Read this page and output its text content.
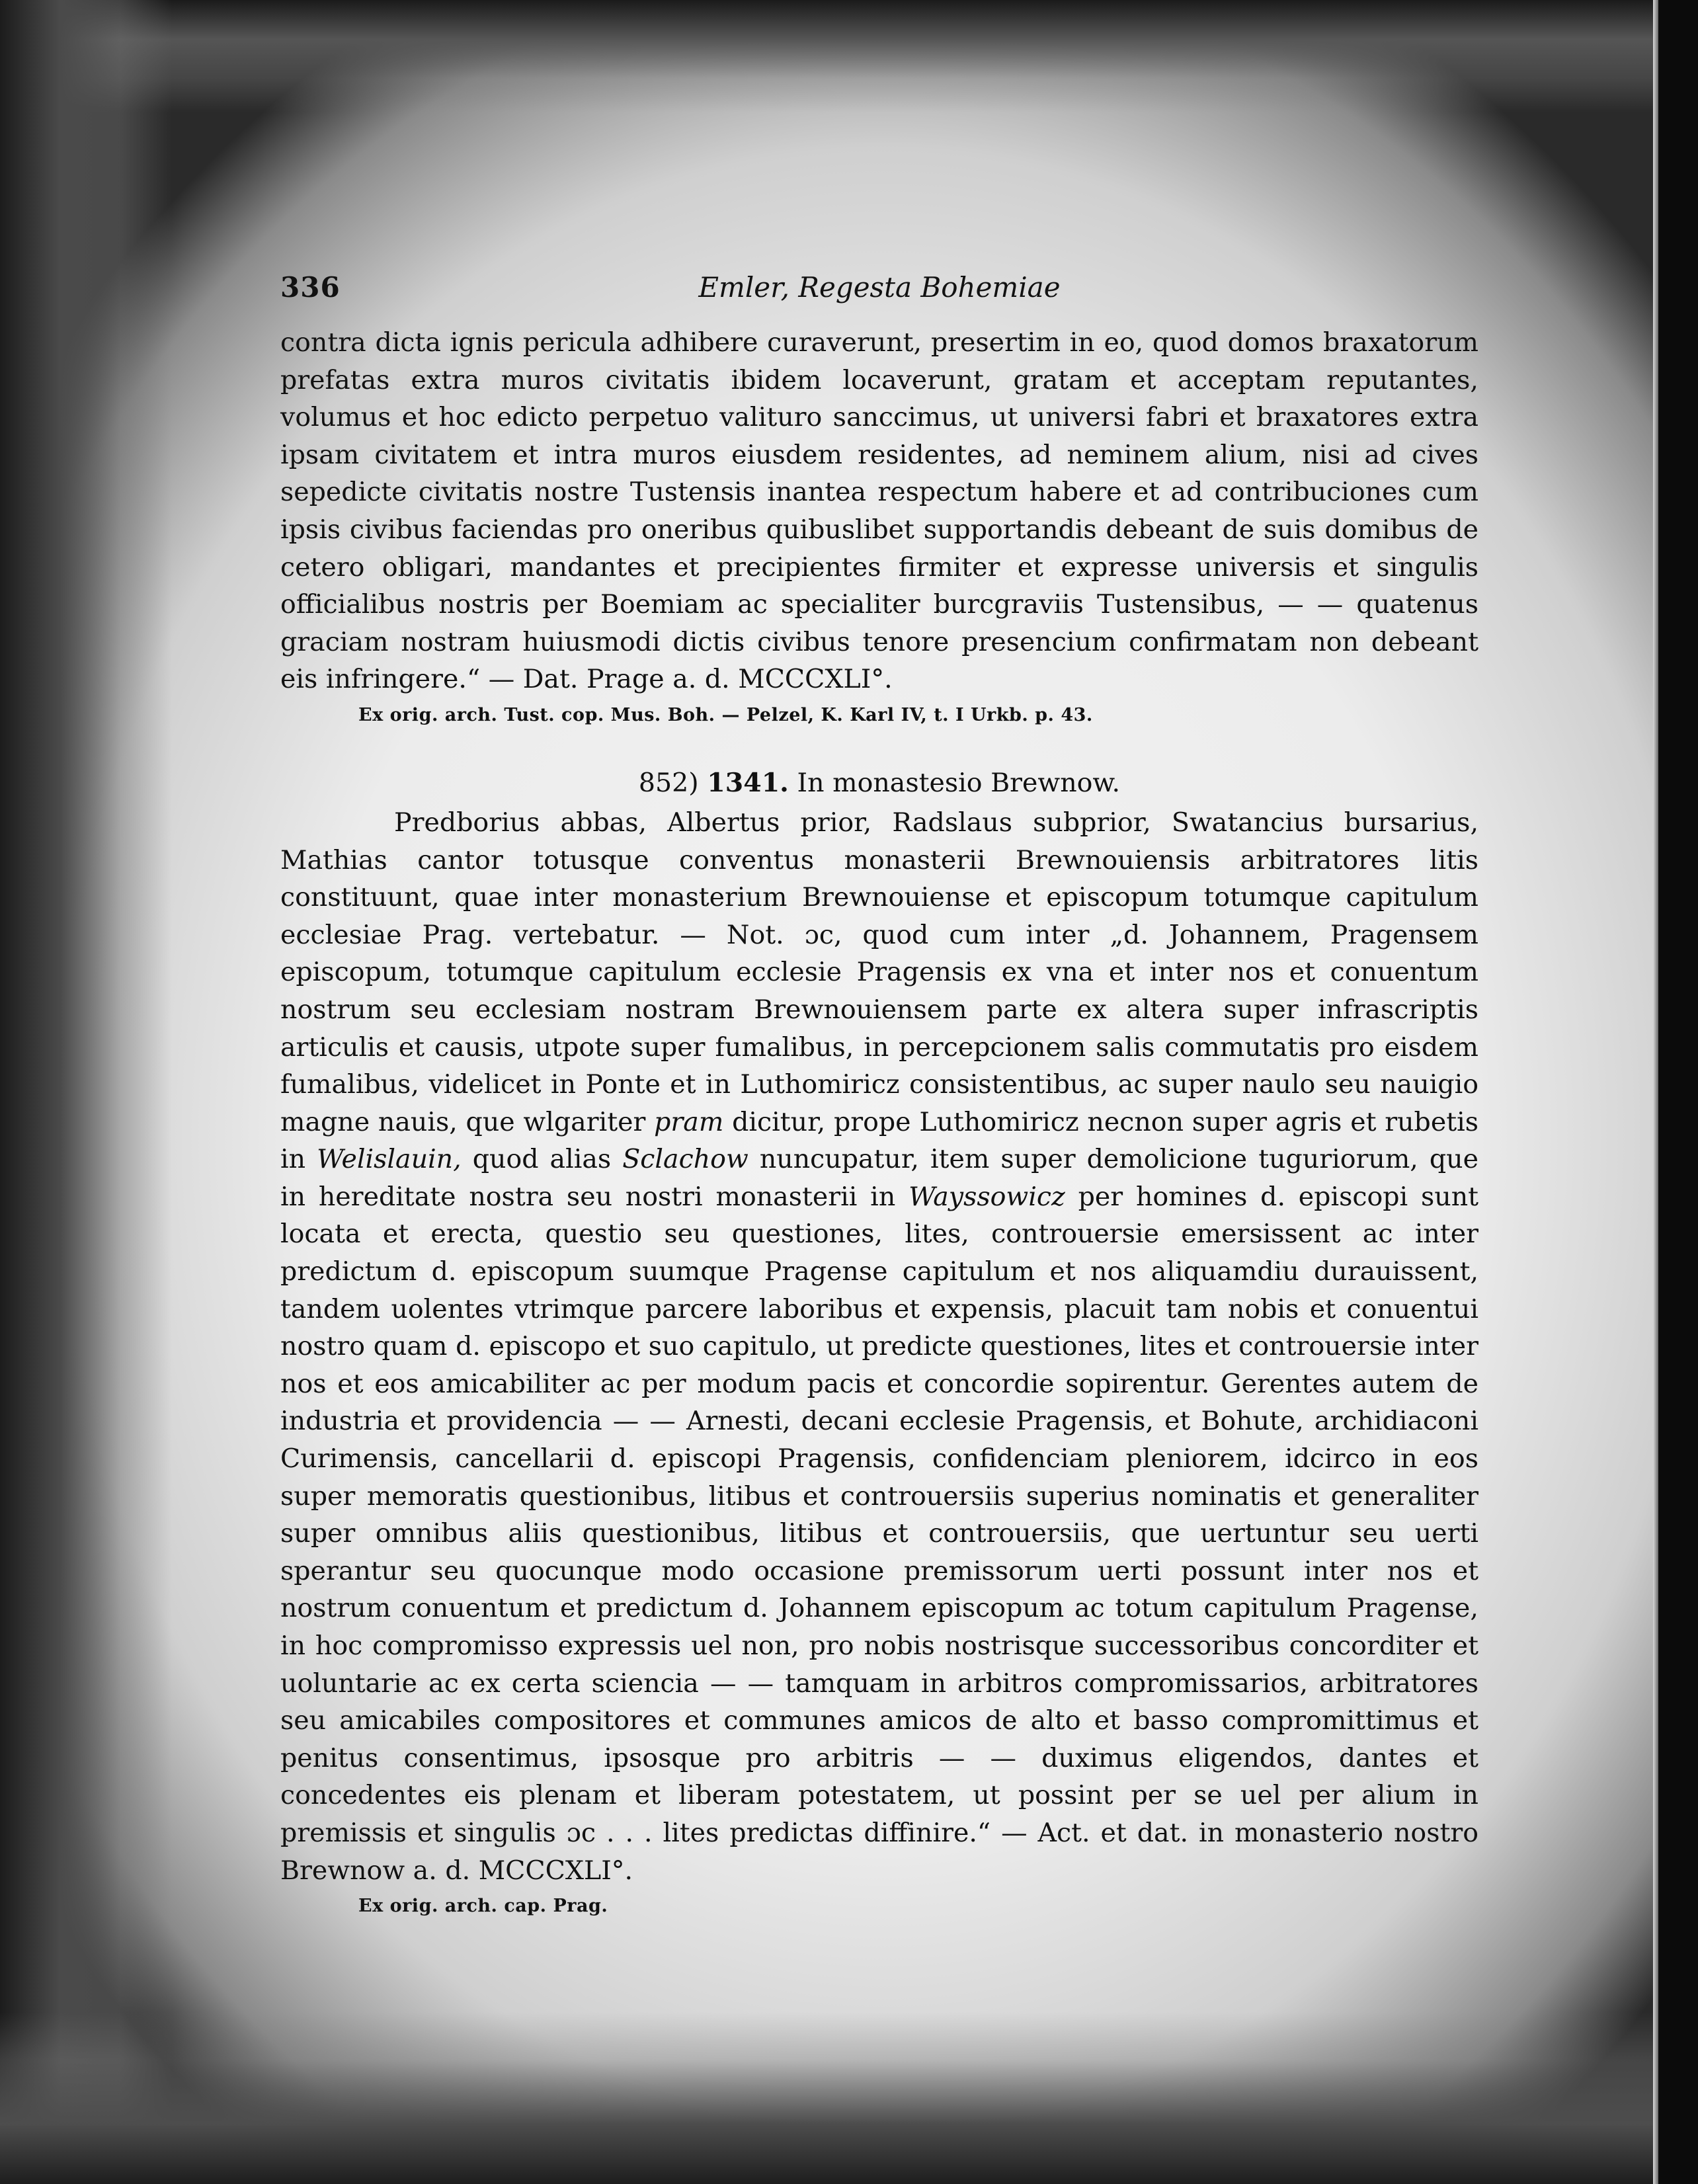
336	Emler, Regesta Bohemiae
contra dicta ignis pericula adhibere curaverunt, presertim in eo, quod domos braxatorum prefatas extra muros civitatis ibidem locaverunt, gratam et acceptam reputantes, volumus et hoc edicto perpetuo valituro sanccimus, ut universi fabri et braxatores extra ipsam civitatem et intra muros eiusdem residentes, ad neminem alium, nisi ad cives sepedicte civitatis nostre Tustensis inantea respectum habere et ad contribuciones cum ipsis civibus faciendas pro oneribus quibuslibet supportandis debeant de suis domibus de cetero obligari, mandantes et precipientes firmiter et expresse universis et singulis officialibus nostris per Boemiam ac specialiter burcgraviis Tustensibus, — — quatenus graciam nostram huiusmodi dictis civibus tenore presencium confirmatam non debeant eis infringere.“ — Dat. Prage a. d. MCCCXLI°.
Ex orig. arch. Tust. cop. Mus. Boh. — Pelzel, K. Karl IV, t. I Urkb. p. 43.
852) 1341. In monastesio Brewnow.
Predborius abbas, Albertus prior, Radslaus subprior, Swatancius bursarius, Mathias cantor totusque conventus monasterii Brewnouiensis arbitratores litis constituunt, quae inter monasterium Brewnouiense et episcopum totumque capitulum ecclesiae Prag. vertebatur. — Not. ɔc, quod cum inter „d. Johannem, Pragensem episcopum, totumque capitulum ecclesie Pragensis ex vna et inter nos et conuentum nostrum seu ecclesiam nostram Brewnouiensem parte ex altera super infrascriptis articulis et causis, utpote super fumalibus, in percepcionem salis commutatis pro eisdem fumalibus, videlicet in Ponte et in Luthomiricz consistentibus, ac super naulo seu nauigio magne nauis, que wlgariter pram dicitur, prope Luthomiricz necnon super agris et rubetis in Welislauin, quod alias Sclachow nuncupatur, item super demolicione tuguriorum, que in hereditate nostra seu nostri monasterii in Wayssowicz per homines d. episcopi sunt locata et erecta, questio seu questiones, lites, controuersie emersissent ac inter predictum d. episcopum suumque Pragense capitulum et nos aliquamdiu durauissent, tandem uolentes vtrimque parcere laboribus et expensis, placuit tam nobis et conuentui nostro quam d. episcopo et suo capitulo, ut predicte questiones, lites et controuersie inter nos et eos amicabiliter ac per modum pacis et concordie sopirentur. Gerentes autem de industria et providencia — — Arnesti, decani ecclesie Pragensis, et Bohute, archidiaconi Curimensis, cancellarii d. episcopi Pragensis, confidenciam pleniorem, idcirco in eos super memoratis questionibus, litibus et controuersiis superius nominatis et generaliter super omnibus aliis questionibus, litibus et controuersiis, que uertuntur seu uerti sperantur seu quocunque modo occasione premissorum uerti possunt inter nos et nostrum conuentum et predictum d. Johannem episcopum ac totum capitulum Pragense, in hoc compromisso expressis uel non, pro nobis nostrisque successoribus concorditer et uoluntarie ac ex certa sciencia — — tamquam in arbitros compromissarios, arbitratores seu amicabiles compositores et communes amicos de alto et basso compromittimus et penitus consentimus, ipsosque pro arbitris — — duximus eligendos, dantes et concedentes eis plenam et liberam potestatem, ut possint per se uel per alium in premissis et singulis ɔc . . . lites predictas diffinire.“ — Act. et dat. in monasterio nostro Brewnow a. d. MCCCXLI°.
Ex orig. arch. cap. Prag.
